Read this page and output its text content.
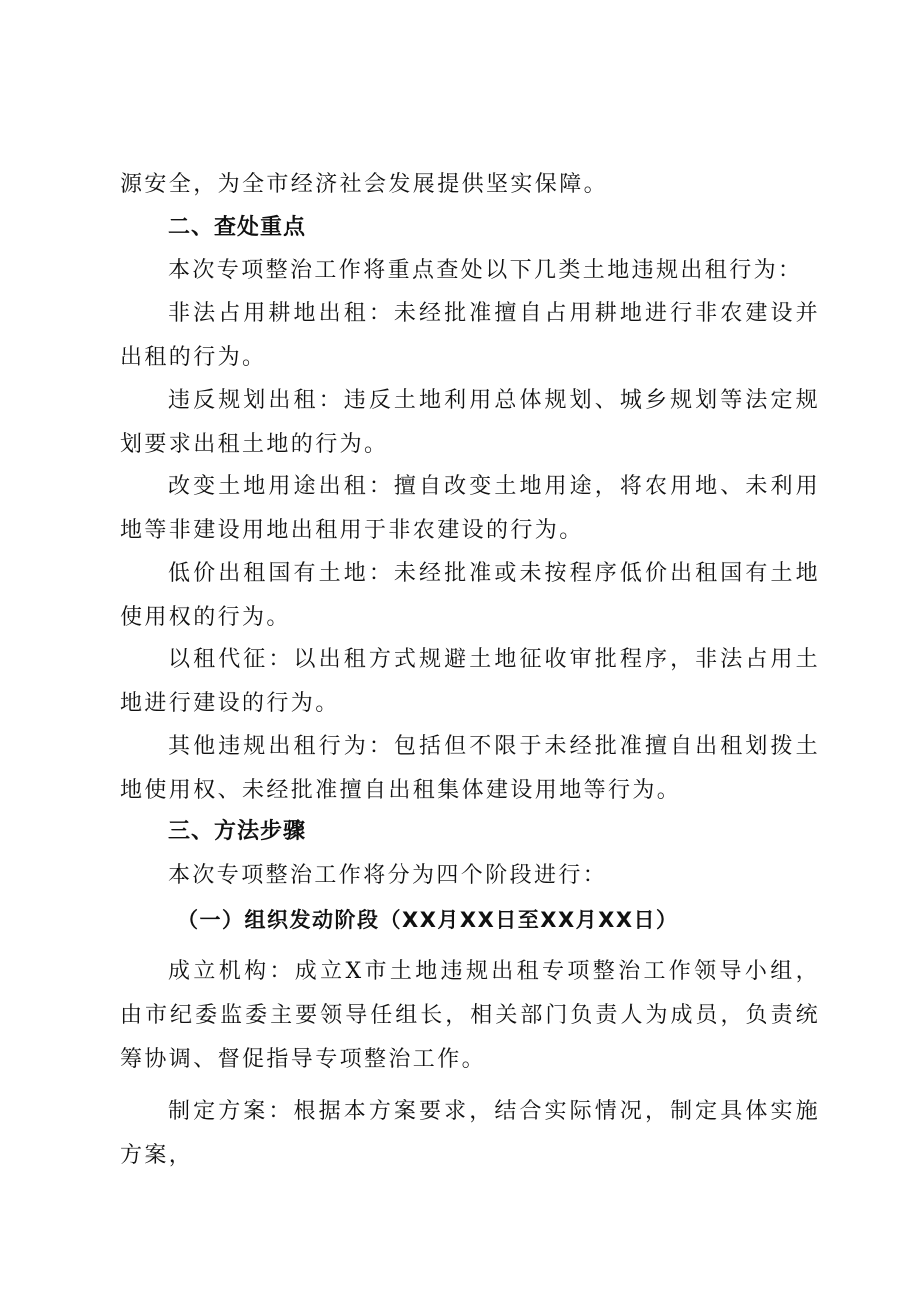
源安全，为全市经济社会发展提供坚实保障。

二、查处重点

本次专项整治工作将重点查处以下几类土地违规出租行为：

非法占用耕地出租：未经批准擅自占用耕地进行非农建设并出租的行为。

违反规划出租：违反土地利用总体规划、城乡规划等法定规划要求出租土地的行为。

改变土地用途出租：擅自改变土地用途，将农用地、未利用地等非建设用地出租用于非农建设的行为。

低价出租国有土地：未经批准或未按程序低价出租国有土地使用权的行为。

以租代征：以出租方式规避土地征收审批程序，非法占用土地进行建设的行为。

其他违规出租行为：包括但不限于未经批准擅自出租划拨土地使用权、未经批准擅自出租集体建设用地等行为。

三、方法步骤

本次专项整治工作将分为四个阶段进行：

（一）组织发动阶段（XX月XX日至XX月XX日）

成立机构：成立X市土地违规出租专项整治工作领导小组，由市纪委监委主要领导任组长，相关部门负责人为成员，负责统筹协调、督促指导专项整治工作。

制定方案：根据本方案要求，结合实际情况，制定具体实施方案，
